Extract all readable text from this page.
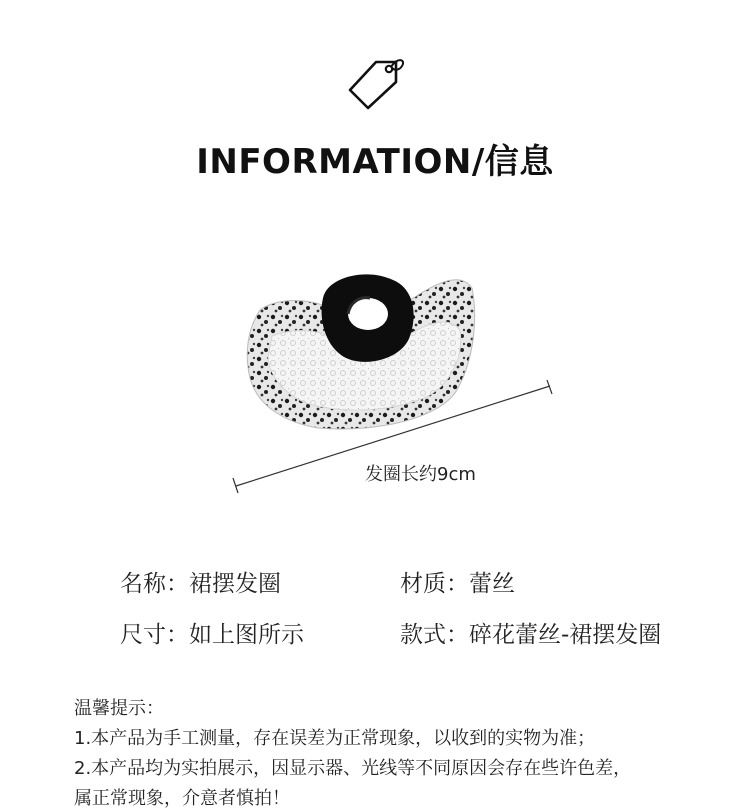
INFORMATION/信息
发圈长约9cm
名称：裙摆发圈	材质：蕾丝
尺寸：如上图所示	款式：碎花蕾丝-裙摆发圈
温馨提示：
1.本产品为手工测量，存在误差为正常现象，以收到的实物为准；
2.本产品均为实拍展示，因显示器、光线等不同原因会存在些许色差，
属正常现象，介意者慎拍！
